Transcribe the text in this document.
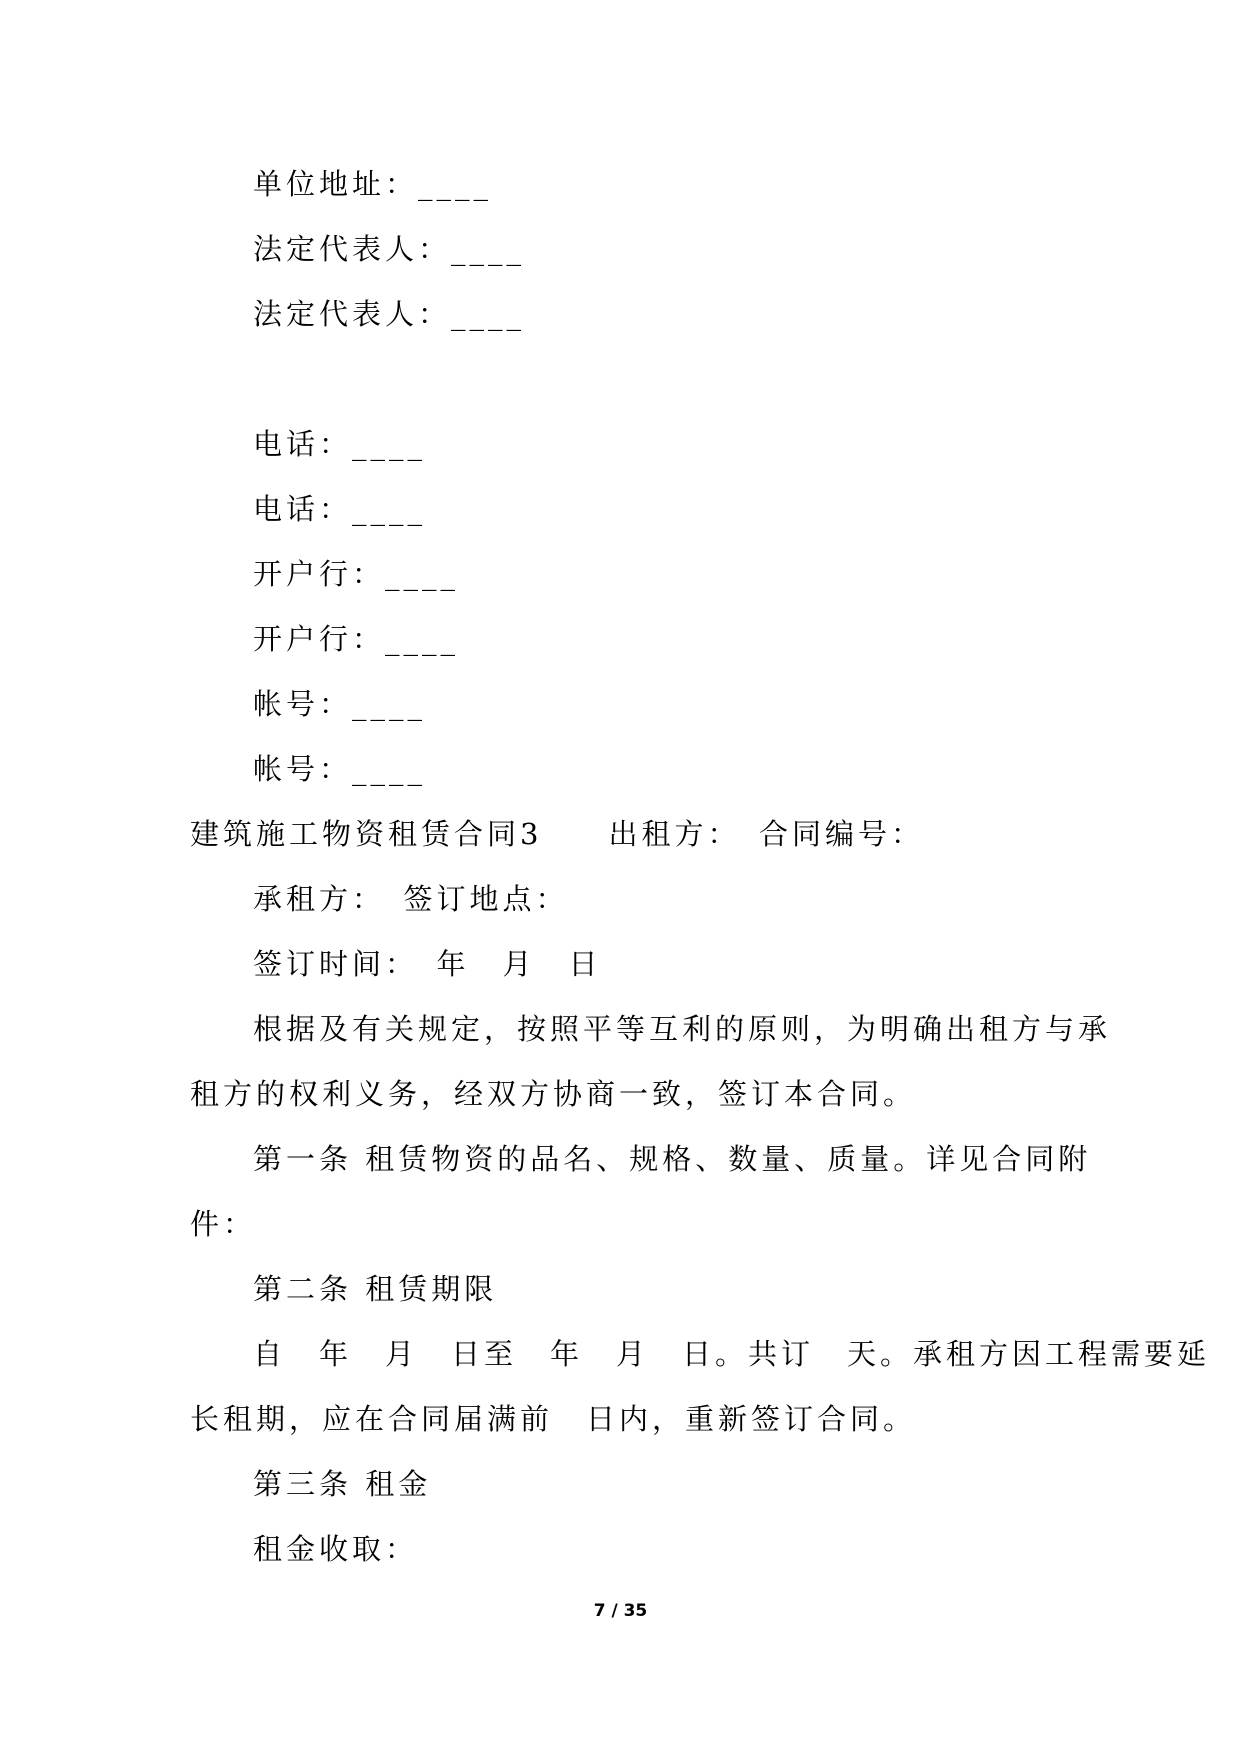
单位地址：____
法定代表人：____
法定代表人：____
电话：____
电话：____
开户行：____
开户行：____
帐号：____
帐号：____
建筑施工物资租赁合同3　　出租方：　合同编号：
承租方：　签订地点：
签订时间：　年　月　日
根据及有关规定，按照平等互利的原则，为明确出租方与承
租方的权利义务，经双方协商一致，签订本合同。
第一条 租赁物资的品名、规格、数量、质量。详见合同附
件：
第二条 租赁期限
自　年　月　日至　年　月　日。共订　天。承租方因工程需要延
长租期，应在合同届满前　日内，重新签订合同。
第三条 租金
租金收取：
7 / 35
